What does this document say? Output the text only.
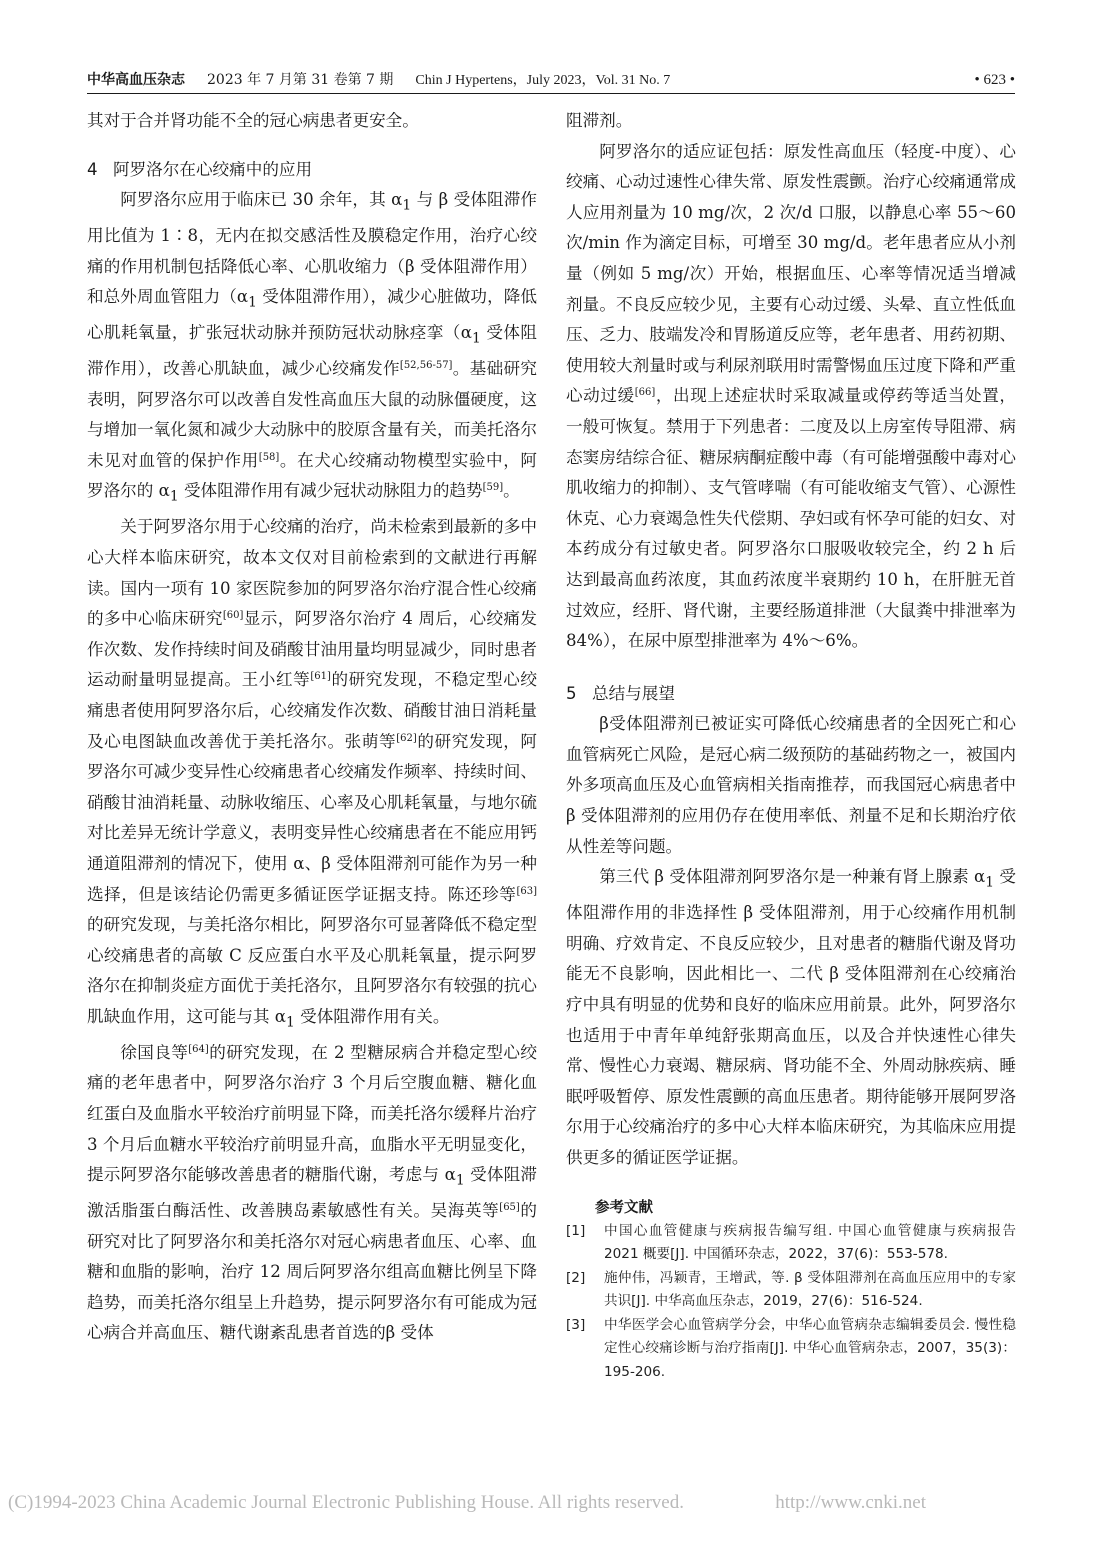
中华高血压杂志 2023 年 7 月第 31 卷第 7 期 Chin J Hypertens，July 2023，Vol. 31 No. 7	• 623 •

其对于合并肾功能不全的冠心病患者更安全。

4 阿罗洛尔在心绞痛中的应用

阿罗洛尔应用于临床已 30 余年，其 $\alpha_1$ 与 β 受体阻滞作用比值为 1∶8，无内在拟交感活性及膜稳定作用，治疗心绞痛的作用机制包括降低心率、心肌收缩力（β 受体阻滞作用）和总外周血管阻力（$\alpha_1$ 受体阻滞作用），减少心脏做功，降低心肌耗氧量，扩张冠状动脉并预防冠状动脉痉挛（$\alpha_1$ 受体阻滞作用），改善心肌缺血，减少心绞痛发作[52,56-57]。基础研究表明，阿罗洛尔可以改善自发性高血压大鼠的动脉僵硬度，这与增加一氧化氮和减少大动脉中的胶原含量有关，而美托洛尔未见对血管的保护作用[58]。在犬心绞痛动物模型实验中，阿罗洛尔的 $\alpha_1$ 受体阻滞作用有减少冠状动脉阻力的趋势[59]。

关于阿罗洛尔用于心绞痛的治疗，尚未检索到最新的多中心大样本临床研究，故本文仅对目前检索到的文献进行再解读。国内一项有 10 家医院参加的阿罗洛尔治疗混合性心绞痛的多中心临床研究[60]显示，阿罗洛尔治疗 4 周后，心绞痛发作次数、发作持续时间及硝酸甘油用量均明显减少，同时患者运动耐量明显提高。王小红等[61]的研究发现，不稳定型心绞痛患者使用阿罗洛尔后，心绞痛发作次数、硝酸甘油日消耗量及心电图缺血改善优于美托洛尔。张萌等[62]的研究发现，阿罗洛尔可减少变异性心绞痛患者心绞痛发作频率、持续时间、硝酸甘油消耗量、动脉收缩压、心率及心肌耗氧量，与地尔硫对比差异无统计学意义，表明变异性心绞痛患者在不能应用钙通道阻滞剂的情况下，使用 α、β 受体阻滞剂可能作为另一种选择，但是该结论仍需更多循证医学证据支持。陈还珍等[63]的研究发现，与美托洛尔相比，阿罗洛尔可显著降低不稳定型心绞痛患者的高敏 C 反应蛋白水平及心肌耗氧量，提示阿罗洛尔在抑制炎症方面优于美托洛尔，且阿罗洛尔有较强的抗心肌缺血作用，这可能与其 $\alpha_1$ 受体阻滞作用有关。

徐国良等[64]的研究发现，在 2 型糖尿病合并稳定型心绞痛的老年患者中，阿罗洛尔治疗 3 个月后空腹血糖、糖化血红蛋白及血脂水平较治疗前明显下降，而美托洛尔缓释片治疗 3 个月后血糖水平较治疗前明显升高，血脂水平无明显变化，提示阿罗洛尔能够改善患者的糖脂代谢，考虑与 $\alpha_1$ 受体阻滞激活脂蛋白酶活性、改善胰岛素敏感性有关。吴海英等[65]的研究对比了阿罗洛尔和美托洛尔对冠心病患者血压、心率、血糖和血脂的影响，治疗 12 周后阿罗洛尔组高血糖比例呈下降趋势，而美托洛尔组呈上升趋势，提示阿罗洛尔有可能成为冠心病合并高血压、糖代谢紊乱患者首选的β 受体

阻滞剂。

阿罗洛尔的适应证包括：原发性高血压（轻度-中度）、心绞痛、心动过速性心律失常、原发性震颤。治疗心绞痛通常成人应用剂量为 10 mg/次，2 次/d 口服，以静息心率 55～60 次/min 作为滴定目标，可增至 30 mg/d。老年患者应从小剂量（例如 5 mg/次）开始，根据血压、心率等情况适当增减剂量。不良反应较少见，主要有心动过缓、头晕、直立性低血压、乏力、肢端发冷和胃肠道反应等，老年患者、用药初期、使用较大剂量时或与利尿剂联用时需警惕血压过度下降和严重心动过缓[66]，出现上述症状时采取减量或停药等适当处置，一般可恢复。禁用于下列患者：二度及以上房室传导阻滞、病态窦房结综合征、糖尿病酮症酸中毒（有可能增强酸中毒对心肌收缩力的抑制）、支气管哮喘（有可能收缩支气管）、心源性休克、心力衰竭急性失代偿期、孕妇或有怀孕可能的妇女、对本药成分有过敏史者。阿罗洛尔口服吸收较完全，约 2 h 后达到最高血药浓度，其血药浓度半衰期约 10 h，在肝脏无首过效应，经肝、肾代谢，主要经肠道排泄（大鼠粪中排泄率为 84%），在尿中原型排泄率为 4%～6%。

5 总结与展望

β受体阻滞剂已被证实可降低心绞痛患者的全因死亡和心血管病死亡风险，是冠心病二级预防的基础药物之一，被国内外多项高血压及心血管病相关指南推荐，而我国冠心病患者中 β 受体阻滞剂的应用仍存在使用率低、剂量不足和长期治疗依从性差等问题。

第三代 β 受体阻滞剂阿罗洛尔是一种兼有肾上腺素 $\alpha_1$ 受体阻滞作用的非选择性 β 受体阻滞剂，用于心绞痛作用机制明确、疗效肯定、不良反应较少，且对患者的糖脂代谢及肾功能无不良影响，因此相比一、二代 β 受体阻滞剂在心绞痛治疗中具有明显的优势和良好的临床应用前景。此外，阿罗洛尔也适用于中青年单纯舒张期高血压，以及合并快速性心律失常、慢性心力衰竭、糖尿病、肾功能不全、外周动脉疾病、睡眠呼吸暂停、原发性震颤的高血压患者。期待能够开展阿罗洛尔用于心绞痛治疗的多中心大样本临床研究，为其临床应用提供更多的循证医学证据。

参考文献

[1]	中国心血管健康与疾病报告编写组. 中国心血管健康与疾病报告 2021 概要[J]. 中国循环杂志，2022，37(6)：553-578.
[2]	施仲伟，冯颖青，王增武，等. β 受体阻滞剂在高血压应用中的专家共识[J]. 中华高血压杂志，2019，27(6)：516-524.
[3]	中华医学会心血管病学分会，中华心血管病杂志编辑委员会. 慢性稳定性心绞痛诊断与治疗指南[J]. 中华心血管病杂志，2007，35(3)：195-206.
(C)1994-2023 China Academic Journal Electronic Publishing House. All rights reserved.	http://www.cnki.net
